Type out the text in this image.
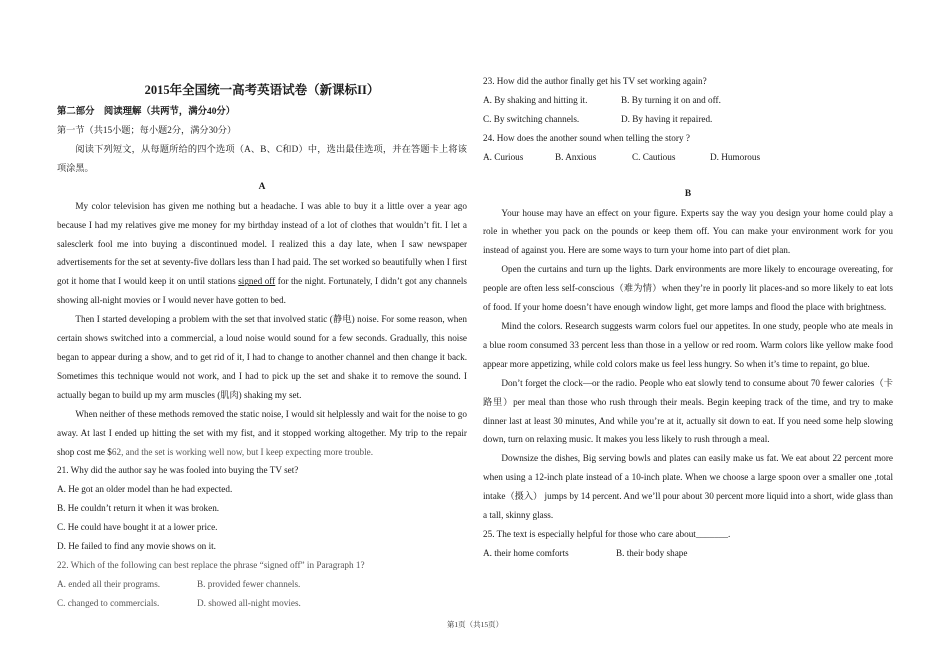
2015年全国统一高考英语试卷（新课标II）
第二部分　阅读理解（共两节，满分40分）
第一节（共15小题；每小题2分，满分30分）

阅读下列短文，从每题所给的四个选项（A、B、C和D）中，选出最佳选项，并在答题卡上将该项涂黑。

A

My color television has given me nothing but a headache. I was able to buy it a little over a year ago because I had my relatives give me money for my birthday instead of a lot of clothes that wouldn’t fit. I let a salesclerk fool me into buying a discontinued model. I realized this a day late, when I saw newspaper advertisements for the set at seventy-five dollars less than I had paid. The set worked so beautifully when I first got it home that I would keep it on until stations signed off for the night. Fortunately, I didn’t got any channels showing all-night movies or I would never have gotten to bed.

Then I started developing a problem with the set that involved static (静电) noise. For some reason, when certain shows switched into a commercial, a loud noise would sound for a few seconds. Gradually, this noise began to appear during a show, and to get rid of it, I had to change to another channel and then change it back. Sometimes this technique would not work, and I had to pick up the set and shake it to remove the sound. I actually began to build up my arm muscles (肌肉) shaking my set.

When neither of these methods removed the static noise, I would sit helplessly and wait for the noise to go away. At last I ended up hitting the set with my fist, and it stopped working altogether. My trip to the repair shop cost me $62, and the set is working well now, but I keep expecting more trouble.

21. Why did the author say he was fooled into buying the TV set?
A. He got an older model than he had expected.
B. He couldn’t return it when it was broken.
C. He could have bought it at a lower price.
D. He failed to find any movie shows on it.
22. Which of the following can best replace the phrase “signed off” in Paragraph 1?
A. ended all their programs.	B. provided fewer channels.
C. changed to commercials.	D. showed all-night movies.
23. How did the author finally get his TV set working again?
A. By shaking and hitting it.	B. By turning it on and off.
C. By switching channels.	D. By having it repaired.
24. How does the another sound when telling the story ?
A. Curious	B. Anxious	C. Cautious	D. Humorous
B

Your house may have an effect on your figure. Experts say the way you design your home could play a role in whether you pack on the pounds or keep them off. You can make your environment work for you instead of against you. Here are some ways to turn your home into part of diet plan.

Open the curtains and turn up the lights. Dark environments are more likely to encourage overeating, for people are often less self-conscious（难为情）when they’re in poorly lit places-and so more likely to eat lots of food. If your home doesn’t have enough window light, get more lamps and flood the place with brightness.

Mind the colors. Research suggests warm colors fuel our appetites. In one study, people who ate meals in a blue room consumed 33 percent less than those in a yellow or red room. Warm colors like yellow make food appear more appetizing, while cold colors make us feel less hungry. So when it’s time to repaint, go blue.

Don’t forget the clock—or the radio. People who eat slowly tend to consume about 70 fewer calories（卡路里）per meal than those who rush through their meals. Begin keeping track of the time, and try to make dinner last at least 30 minutes, And while you’re at it, actually sit down to eat. If you need some help slowing down, turn on relaxing music. It makes you less likely to rush through a meal.

Downsize the dishes, Big serving bowls and plates can easily make us fat. We eat about 22 percent more when using a 12-inch plate instead of a 10-inch plate. When we choose a large spoon over a smaller one ,total intake（摄入） jumps by 14 percent. And we’ll pour about 30 percent more liquid into a short, wide glass than a tall, skinny glass.

25. The text is especially helpful for those who care about_______.
A. their home comforts	B. their body shape
第1页（共15页）
